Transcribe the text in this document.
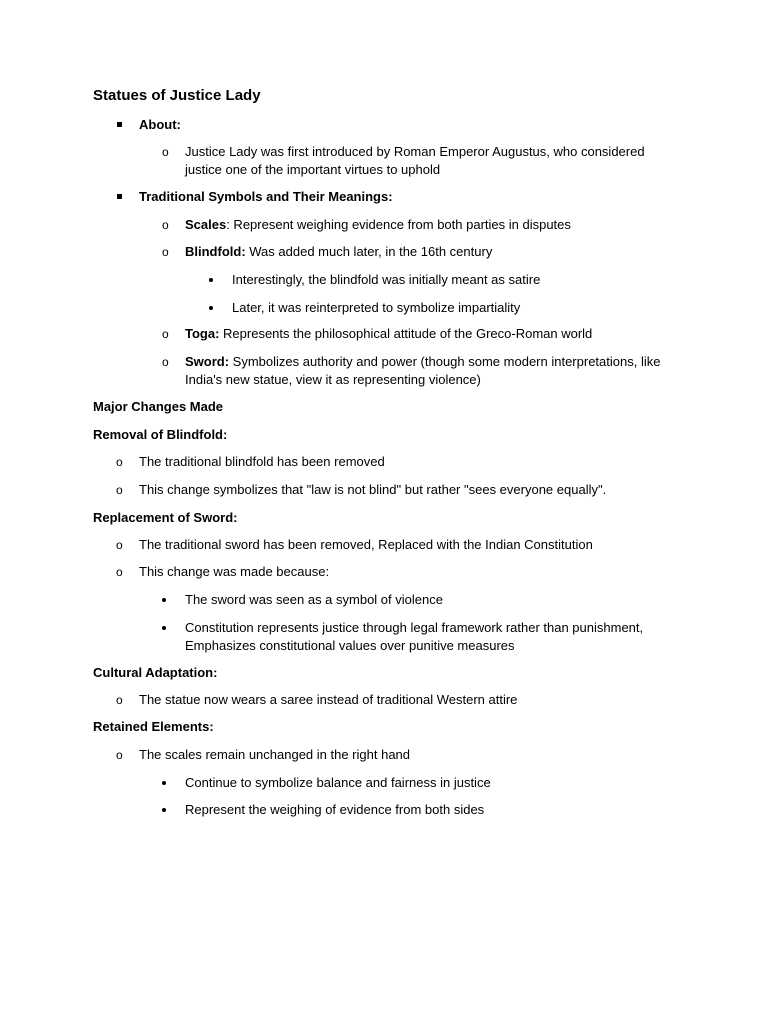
Statues of Justice Lady
About:
o Justice Lady was first introduced by Roman Emperor Augustus, who considered
justice one of the important virtues to uphold
Traditional Symbols and Their Meanings:
o Scales: Represent weighing evidence from both parties in disputes
o Blindfold: Was added much later, in the 16th century
Interestingly, the blindfold was initially meant as satire
Later, it was reinterpreted to symbolize impartiality
o Toga: Represents the philosophical attitude of the Greco-Roman world
o Sword: Symbolizes authority and power (though some modern interpretations, like
India's new statue, view it as representing violence)
Major Changes Made
Removal of Blindfold:
o The traditional blindfold has been removed
o This change symbolizes that "law is not blind" but rather "sees everyone equally".
Replacement of Sword:
o The traditional sword has been removed, Replaced with the Indian Constitution
o This change was made because:
The sword was seen as a symbol of violence
Constitution represents justice through legal framework rather than punishment,
Emphasizes constitutional values over punitive measures
Cultural Adaptation:
o The statue now wears a saree instead of traditional Western attire
Retained Elements:
o The scales remain unchanged in the right hand
Continue to symbolize balance and fairness in justice
Represent the weighing of evidence from both sides
